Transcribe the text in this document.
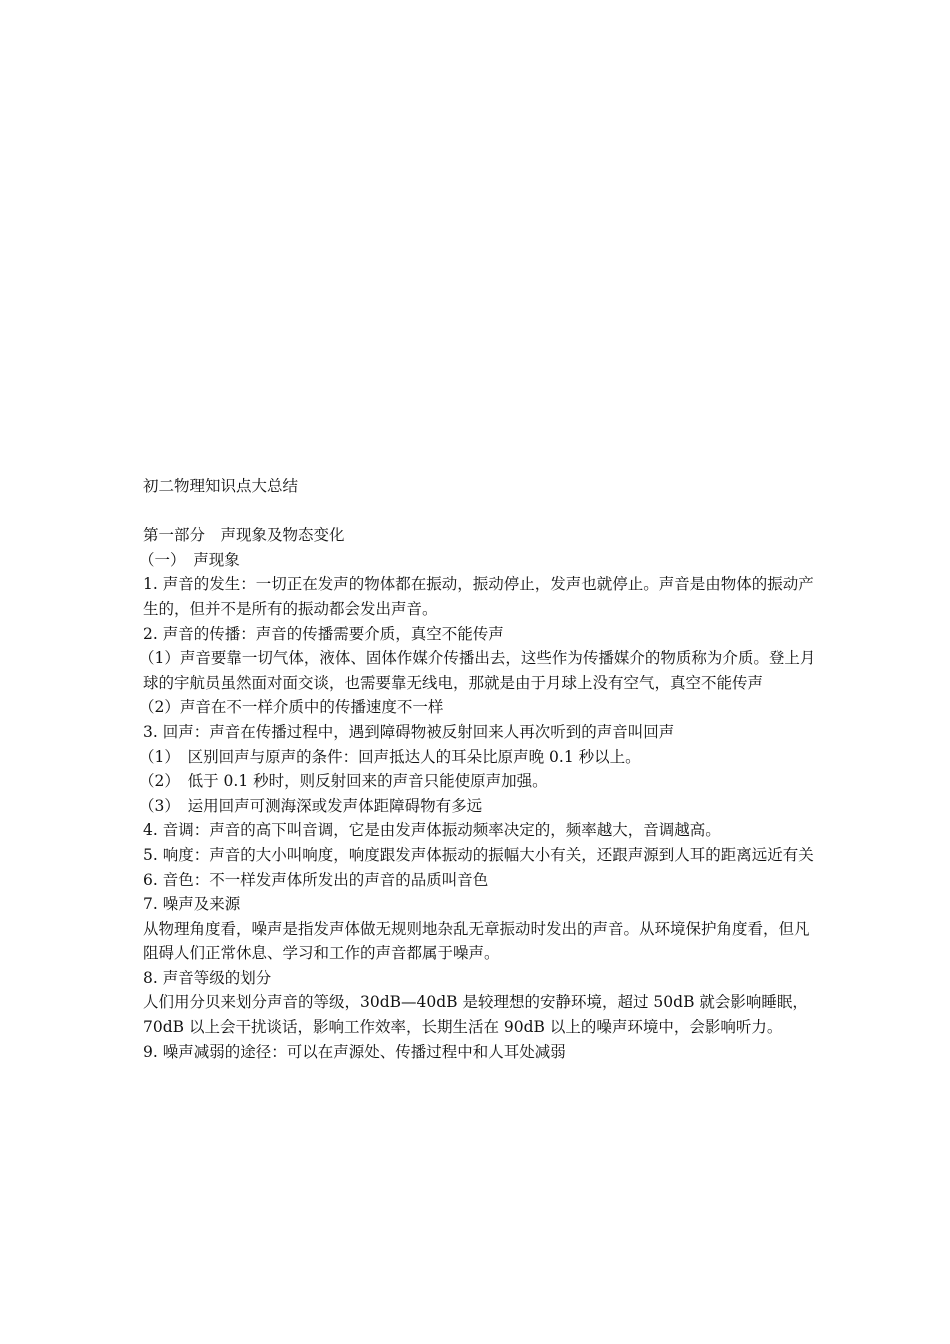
初二物理知识点大总结

第一部分　声现象及物态变化

（一）　声现象

1. 声音的发生：一切正在发声的物体都在振动，振动停止，发声也就停止。声音是由物体的振动产生的，但并不是所有的振动都会发出声音。

2. 声音的传播：声音的传播需要介质，真空不能传声

（1）声音要靠一切气体，液体、固体作媒介传播出去，这些作为传播媒介的物质称为介质。登上月球的宇航员虽然面对面交谈，也需要靠无线电，那就是由于月球上没有空气，真空不能传声

（2）声音在不一样介质中的传播速度不一样

3. 回声：声音在传播过程中，遇到障碍物被反射回来人再次听到的声音叫回声

（1）　区别回声与原声的条件：回声抵达人的耳朵比原声晚 0.1 秒以上。

（2）　低于 0.1 秒时，则反射回来的声音只能使原声加强。

（3）　运用回声可测海深或发声体距障碍物有多远

4. 音调：声音的高下叫音调，它是由发声体振动频率决定的，频率越大，音调越高。

5. 响度：声音的大小叫响度，响度跟发声体振动的振幅大小有关，还跟声源到人耳的距离远近有关

6. 音色：不一样发声体所发出的声音的品质叫音色

7. 噪声及来源

从物理角度看，噪声是指发声体做无规则地杂乱无章振动时发出的声音。从环境保护角度看，但凡阻碍人们正常休息、学习和工作的声音都属于噪声。

8. 声音等级的划分

人们用分贝来划分声音的等级，30dB—40dB 是较理想的安静环境，超过 50dB 就会影响睡眠，70dB 以上会干扰谈话，影响工作效率，长期生活在 90dB 以上的噪声环境中，会影响听力。

9. 噪声减弱的途径：可以在声源处、传播过程中和人耳处减弱
